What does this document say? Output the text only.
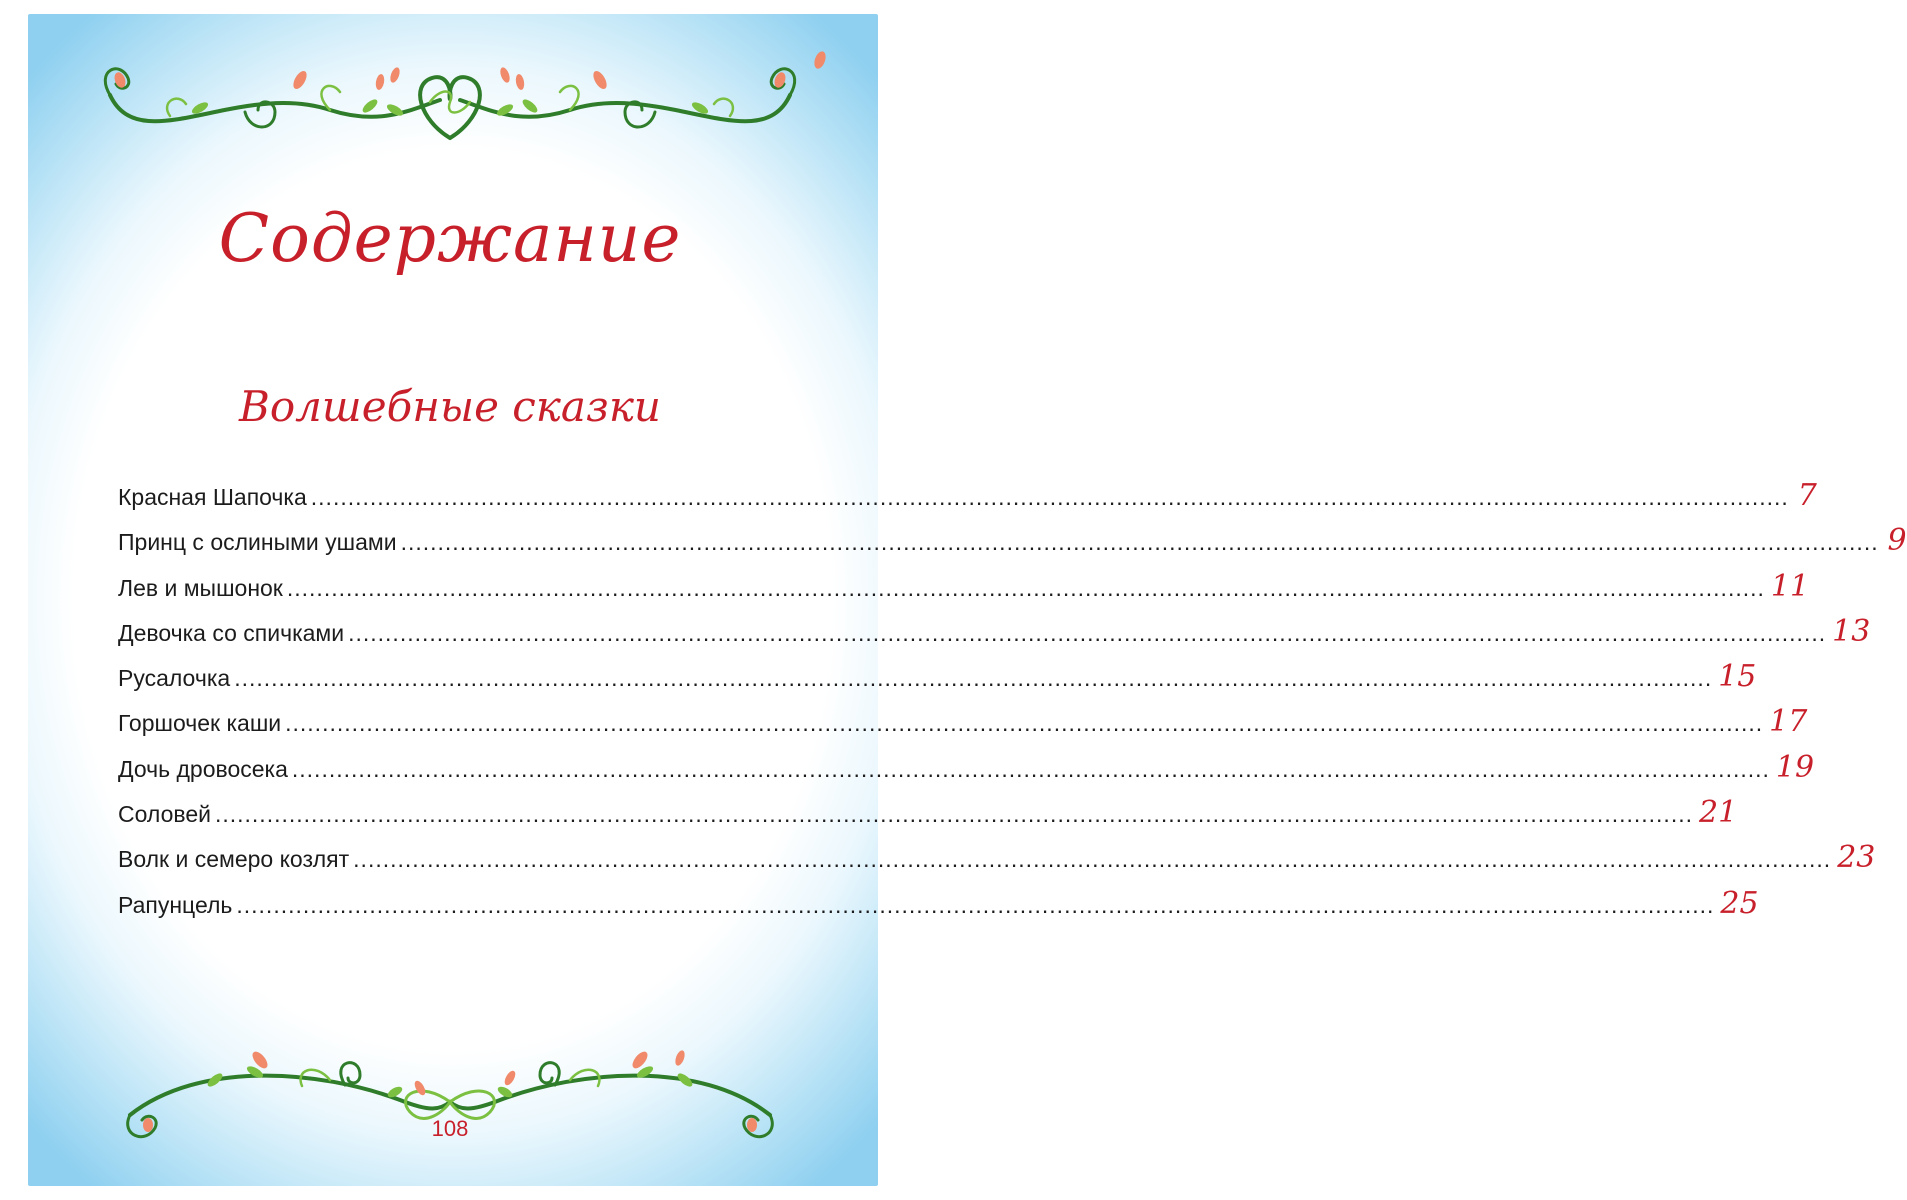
Содержание
Волшебные сказки
Красная Шапочка ........................................................................................................................................................................................................ 7
Принц с ослиными ушами ........................................................................................................................................................................................................ 9
Лев и мышонок ........................................................................................................................................................................................................ 11
Девочка со спичками ........................................................................................................................................................................................................ 13
Русалочка ........................................................................................................................................................................................................ 15
Горшочек каши ........................................................................................................................................................................................................ 17
Дочь дровосека ........................................................................................................................................................................................................ 19
Соловей ........................................................................................................................................................................................................ 21
Волк и семеро козлят ........................................................................................................................................................................................................ 23
Рапунцель ........................................................................................................................................................................................................ 25
108
